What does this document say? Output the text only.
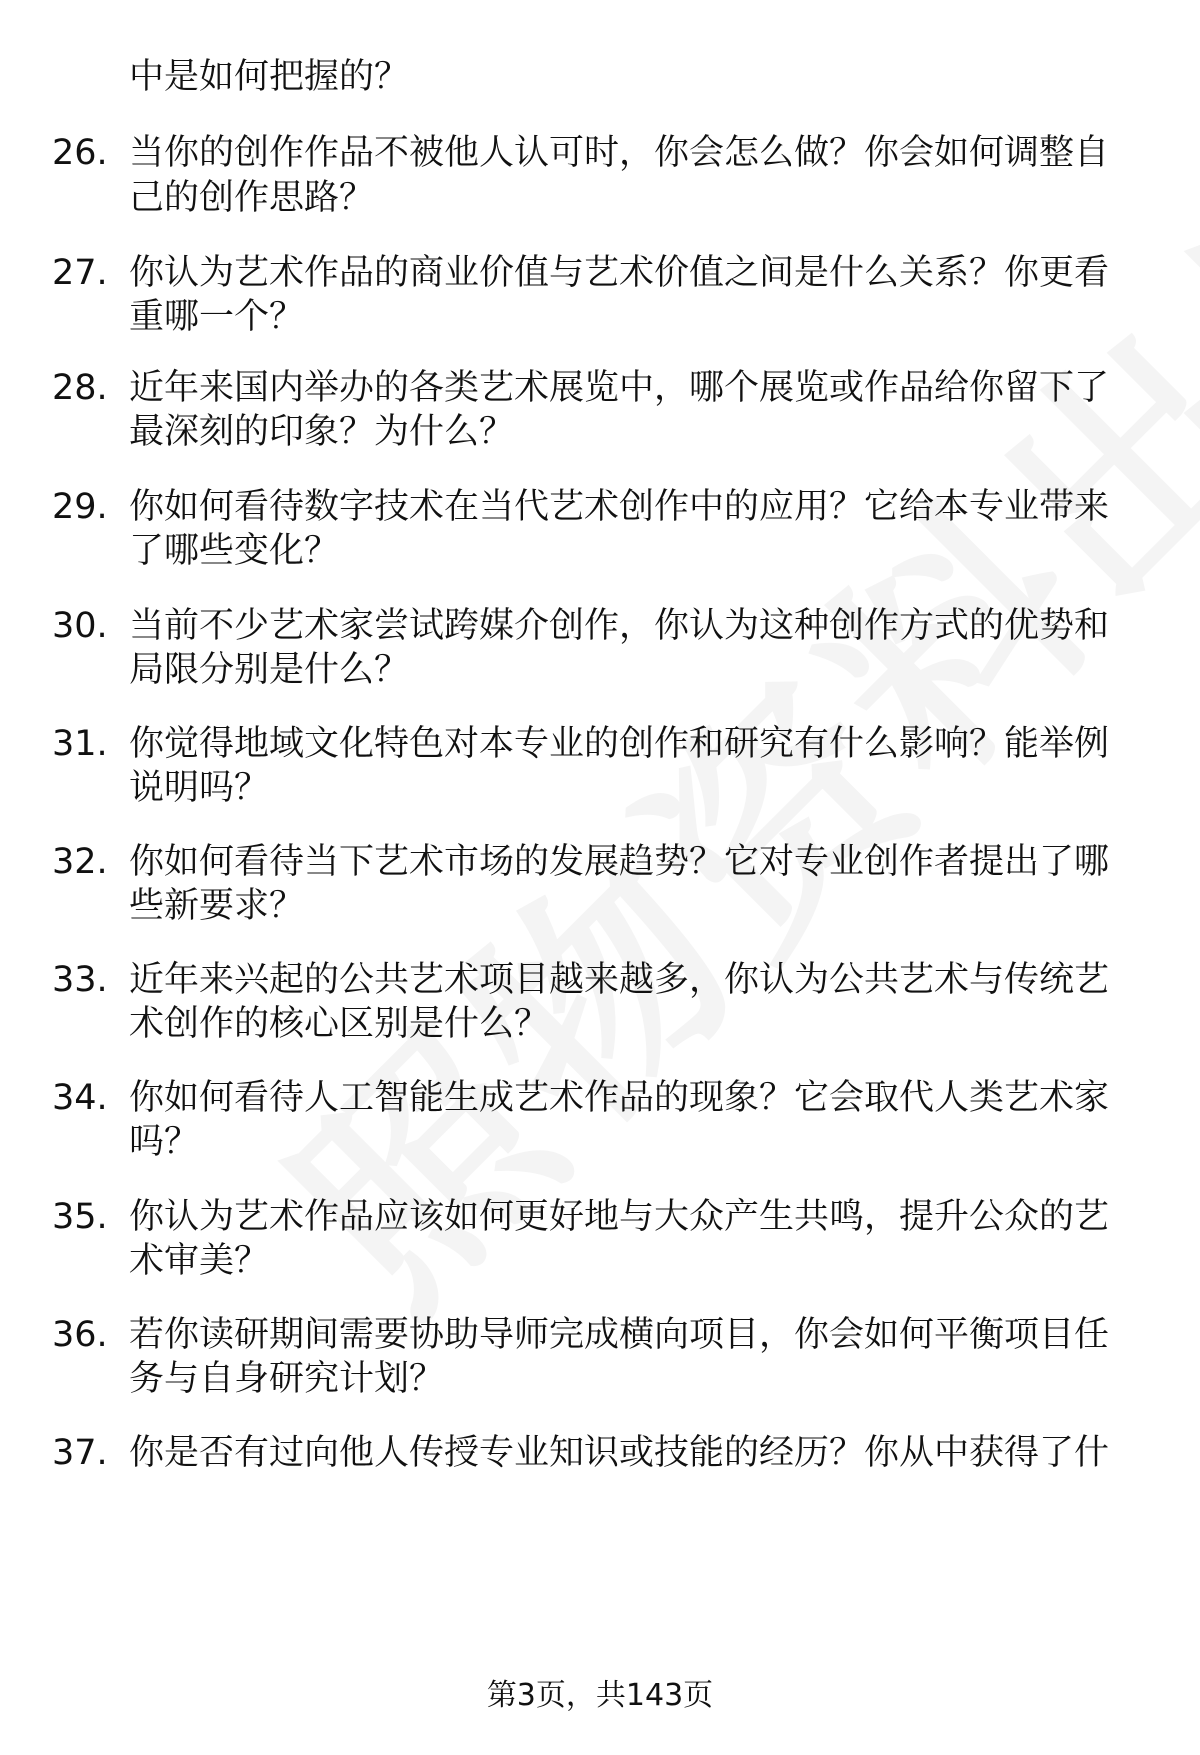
中是如何把握的？
26. 当你的创作作品不被他人认可时，你会怎么做？你会如何调整自
己的创作思路？
27. 你认为艺术作品的商业价值与艺术价值之间是什么关系？你更看
重哪一个？
28. 近年来国内举办的各类艺术展览中，哪个展览或作品给你留下了
最深刻的印象？为什么？
29. 你如何看待数字技术在当代艺术创作中的应用？它给本专业带来
了哪些变化？
30. 当前不少艺术家尝试跨媒介创作，你认为这种创作方式的优势和
局限分别是什么？
31. 你觉得地域文化特色对本专业的创作和研究有什么影响？能举例
说明吗？
32. 你如何看待当下艺术市场的发展趋势？它对专业创作者提出了哪
些新要求？
33. 近年来兴起的公共艺术项目越来越多，你认为公共艺术与传统艺
术创作的核心区别是什么？
34. 你如何看待人工智能生成艺术作品的现象？它会取代人类艺术家
吗？
35. 你认为艺术作品应该如何更好地与大众产生共鸣，提升公众的艺
术审美？
36. 若你读研期间需要协助导师完成横向项目，你会如何平衡项目任
务与自身研究计划？
37. 你是否有过向他人传授专业知识或技能的经历？你从中获得了什
第3页，共143页
